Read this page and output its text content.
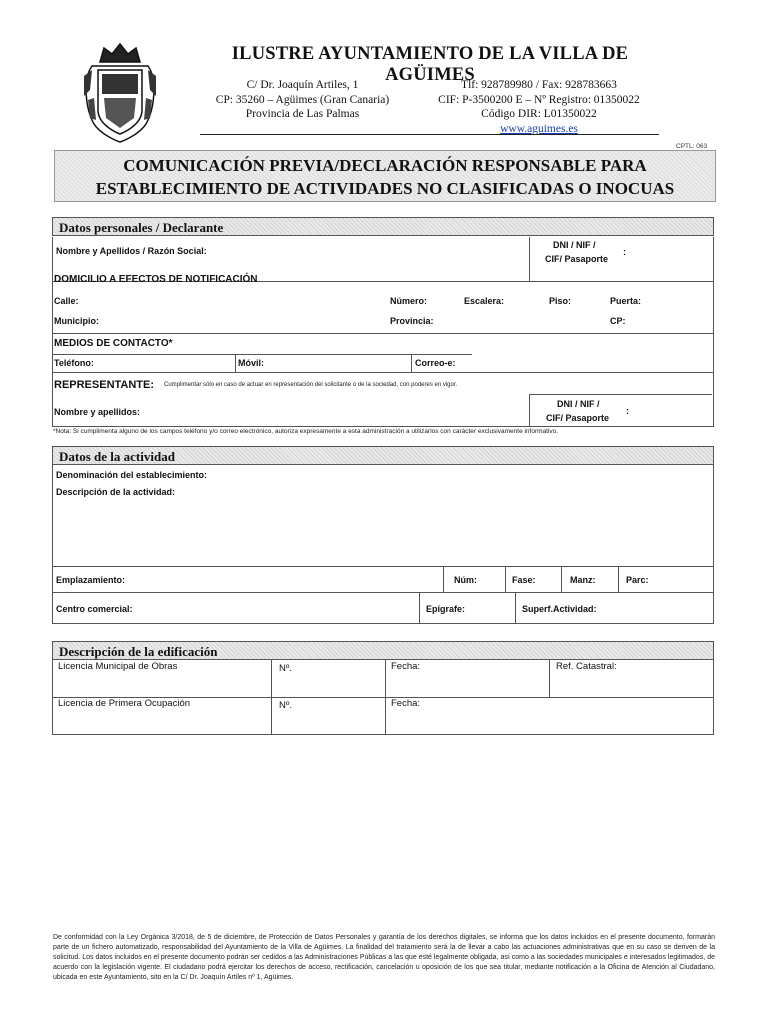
ILUSTRE AYUNTAMIENTO DE LA VILLA DE AGÜIMES
C/ Dr. Joaquín Artiles, 1
CP: 35260 – Agüimes (Gran Canaria)
Provincia de Las Palmas
Tlf: 928789980 / Fax: 928783663
CIF: P-3500200 E – Nº Registro: 01350022
Código DIR: L01350022
www.aguimes.es
CPTL: 063
COMUNICACIÓN PREVIA/DECLARACIÓN RESPONSABLE PARA
ESTABLECIMIENTO DE ACTIVIDADES NO CLASIFICADAS O INOCUAS
Datos personales / Declarante
Nombre y Apellidos / Razón Social:
DNI / NIF /
CIF/ Pasaporte
:
DOMICILIO A EFECTOS DE NOTIFICACIÓN
Calle:	Número:	Escalera:	Piso:	Puerta:
Municipio:	Provincia:	CP:
MEDIOS DE CONTACTO*
Teléfono:	Móvil:	Correo-e:
REPRESENTANTE: Cumplimentar sólo en caso de actuar en representación del solicitante o de la sociedad, con poderes en vigor.
Nombre y apellidos:
DNI / NIF /
CIF/ Pasaporte
:
*Nota: Si cumplimenta alguno de los campos teléfono y/o correo electrónico, autoriza expresamente a esta administración a utilizarlos con carácter exclusivamente informativo.
Datos de la actividad
Denominación del establecimiento:
Descripción de la actividad:
Emplazamiento:	Núm:	Fase:	Manz:	Parc:
Centro comercial:	Epígrafe:	Superf.Actividad:
Descripción de la edificación
Licencia Municipal de Obras	Nº.	Fecha:	Ref. Catastral:
Licencia de Primera Ocupación	Nº.	Fecha:
De conformidad con la Ley Orgánica 3/2018, de 5 de diciembre, de Protección de Datos Personales y garantía de los derechos digitales, se informa que los datos incluidos en el presente documento, formarán parte de un fichero automatizado, responsabilidad del Ayuntamiento de la Villa de Agüimes. La finalidad del tratamiento será la de llevar a cabo las actuaciones administrativas que en su caso se deriven de la solicitud. Los datos incluidos en el presente documento podrán ser cedidos a las Administraciones Públicas a las que esté legalmente obligada, así como a las sociedades municipales e interesados legitimados, de acuerdo con la legislación vigente. El ciudadano podrá ejercitar los derechos de acceso, rectificación, cancelación u oposición de los que sea titular, mediante notificación a la Oficina de Atención al Ciudadano, ubicada en este Ayuntamiento, sito en la C/ Dr. Joaquín Artiles nº 1, Agüimes.
